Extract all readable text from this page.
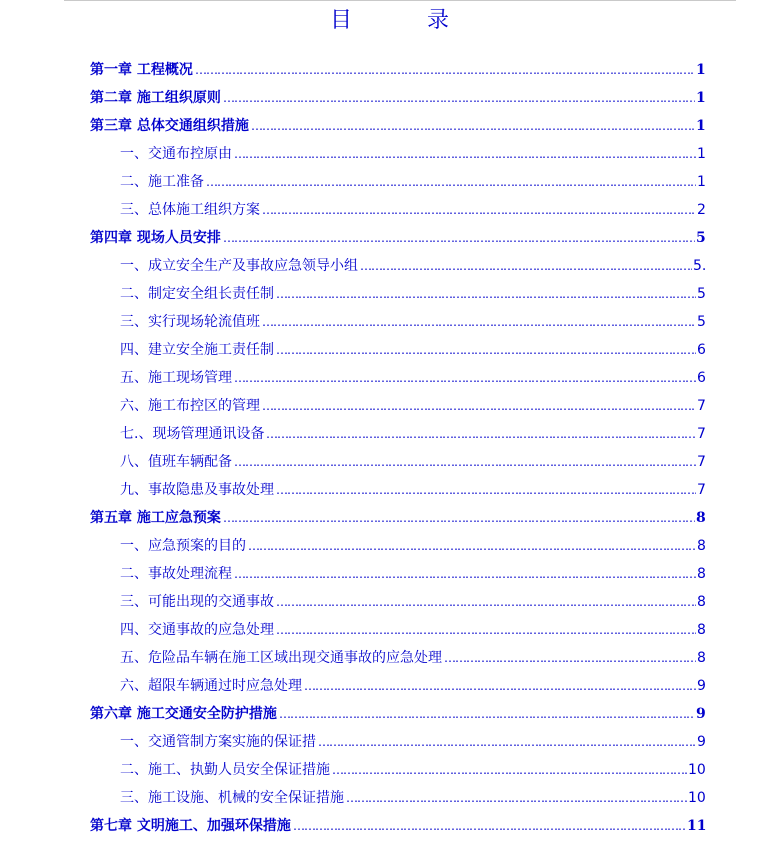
目 录
第一章 工程概况 ……………………………………………………………………………………………………………………………………………………	1
第二章 施工组织原则 ……………………………………………………………………………………………………………………………………………………	1
第三章 总体交通组织措施 ……………………………………………………………………………………………………………………………………………………	1
一、交通布控原由 ……………………………………………………………………………………………………………………………………………………	1
二、施工准备 ……………………………………………………………………………………………………………………………………………………	1
三、总体施工组织方案 ……………………………………………………………………………………………………………………………………………………	2
第四章 现场人员安排 ……………………………………………………………………………………………………………………………………………………	5
一、成立安全生产及事故应急领导小组 ……………………………………………………………………………………………………………………………………………………	5.
二、制定安全组长责任制 ……………………………………………………………………………………………………………………………………………………	5
三、实行现场轮流值班 ……………………………………………………………………………………………………………………………………………………	5
四、建立安全施工责任制 ……………………………………………………………………………………………………………………………………………………	6
五、施工现场管理 ……………………………………………………………………………………………………………………………………………………	6
六、施工布控区的管理 ……………………………………………………………………………………………………………………………………………………	7
七.、现场管理通讯设备 ……………………………………………………………………………………………………………………………………………………	7
八、值班车辆配备 ……………………………………………………………………………………………………………………………………………………	7
九、事故隐患及事故处理 ……………………………………………………………………………………………………………………………………………………	7
第五章 施工应急预案 ……………………………………………………………………………………………………………………………………………………	8
一、应急预案的目的 ……………………………………………………………………………………………………………………………………………………	8
二、事故处理流程 ……………………………………………………………………………………………………………………………………………………	8
三、可能出现的交通事故 ……………………………………………………………………………………………………………………………………………………	8
四、交通事故的应急处理 ……………………………………………………………………………………………………………………………………………………	8
五、危险品车辆在施工区域出现交通事故的应急处理 ……………………………………………………………………………………………………………………………………………………	8
六、超限车辆通过时应急处理 ……………………………………………………………………………………………………………………………………………………	9
第六章 施工交通安全防护措施 ……………………………………………………………………………………………………………………………………………………	9
一、交通管制方案实施的保证措 ……………………………………………………………………………………………………………………………………………………	9
二、施工、执勤人员安全保证措施 ……………………………………………………………………………………………………………………………………………………	10
三、施工设施、机械的安全保证措施 ……………………………………………………………………………………………………………………………………………………	10
第七章 文明施工、加强环保措施 ……………………………………………………………………………………………………………………………………………………	11
